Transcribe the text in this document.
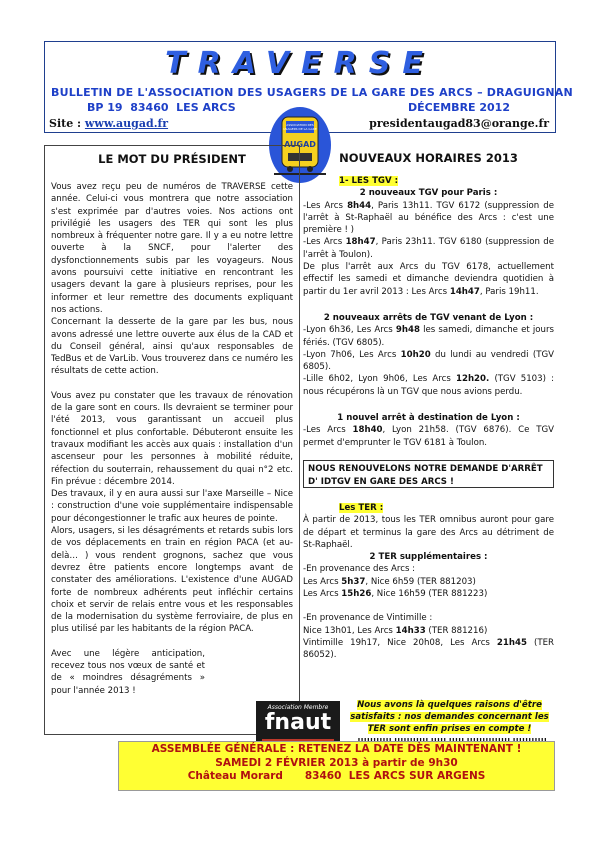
TRAVERSE
BULLETIN DE L'ASSOCIATION DES USAGERS DE LA GARE DES ARCS – DRAGUIGNAN
BP 19  83460  LES ARCS	DÉCEMBRE 2012
Site : www.augad.fr	presidentaugad83@orange.fr
ASSOCIATION DES
USAGERS DE LA GARE
AUGAD
LE MOT DU PRÉSIDENT

Vous avez reçu peu de numéros de TRAVERSE cette année. Celui-ci vous montrera que notre association s'est exprimée par d'autres voies. Nos actions ont privilégié les usagers des TER qui sont les plus nombreux à fréquenter notre gare. Il y a eu notre lettre ouverte à la SNCF, pour l'alerter des dysfonctionnements subis par les voyageurs. Nous avons poursuivi cette initiative en rencontrant les usagers devant la gare à plusieurs reprises, pour les informer et leur remettre des documents expliquant nos actions.

Concernant la desserte de la gare par les bus, nous avons adressé une lettre ouverte aux élus de la CAD et du Conseil général, ainsi qu'aux responsables de TedBus et de VarLib. Vous trouverez dans ce numéro les résultats de cette action.

Vous avez pu constater que les travaux de rénovation de la gare sont en cours. Ils devraient se terminer pour l'été 2013, vous garantissant un accueil plus fonctionnel et plus confortable. Débuteront ensuite les travaux modifiant les accès aux quais : installation d'un ascenseur pour les personnes à mobilité réduite, réfection du souterrain, rehaussement du quai n°2 etc. Fin prévue : décembre 2014.

Des travaux, il y en aura aussi sur l'axe Marseille – Nice : construction d'une voie supplémentaire indispensable pour décongestionner le trafic aux heures de pointe.

Alors, usagers, si les désagréments et retards subis lors de vos déplacements en train en région PACA (et au-delà… ) vous rendent grognons, sachez que vous devrez être patients encore longtemps avant de constater des améliorations. L'existence d'une AUGAD forte de nombreux adhérents peut infléchir certains choix et servir de relais entre vous et les responsables de la modernisation du système ferroviaire, de plus en plus utilisé par les habitants de la région PACA.

Avec une légère anticipation, recevez tous nos vœux de santé et de « moindres désagréments » pour l'année 2013 !

NOUVEAUX HORAIRES 2013
1- LES TGV :
2 nouveaux TGV pour Paris :
-Les Arcs 8h44, Paris 13h11. TGV 6172 (suppression de l'arrêt à St-Raphaël au bénéfice des Arcs : c'est une première ! )
-Les Arcs 18h47, Paris 23h11. TGV 6180 (suppression de l'arrêt à Toulon).
De plus l'arrêt aux Arcs du TGV 6178, actuellement effectif les samedi et dimanche deviendra quotidien à partir du 1er avril 2013 : Les Arcs 14h47, Paris 19h11.
2 nouveaux arrêts de TGV venant de Lyon :
-Lyon 6h36, Les Arcs 9h48 les samedi, dimanche et jours fériés. (TGV 6805).
-Lyon 7h06, Les Arcs 10h20 du lundi au vendredi (TGV 6805).
-Lille 6h02, Lyon 9h06, Les Arcs 12h20. (TGV 5103) : nous récupérons là un TGV que nous avions perdu.
1 nouvel arrêt à destination de Lyon :
-Les Arcs 18h40, Lyon 21h58. (TGV 6876). Ce TGV permet d'emprunter le TGV 6181 à Toulon.
NOUS RENOUVELONS NOTRE DEMANDE D'ARRÊT D' IDTGV EN GARE DES ARCS !
Les TER :
À partir de 2013, tous les TER omnibus auront pour gare de départ et terminus la gare des Arcs au détriment de St-Raphaël.
2 TER supplémentaires :
-En provenance des Arcs :
Les Arcs 5h37, Nice 6h59 (TER 881203)
Les Arcs 15h26, Nice 16h59 (TER 881223)
-En provenance de Vintimille :
Nice 13h01, Les Arcs 14h33 (TER 881216)
Vintimille 19h17, Nice 20h08, Les Arcs 21h45 (TER 86052).
Nous avons là quelques raisons d'être satisfaits : nos demandes concernant les TER sont enfin prises en compte !
Association Membre
fnaut
ASSEMBLÉE GÉNÉRALE : RETENEZ LA DATE DÈS MAINTENANT !
SAMEDI 2 FÉVRIER 2013 à partir de 9h30
Château Morard      83460  LES ARCS SUR ARGENS
